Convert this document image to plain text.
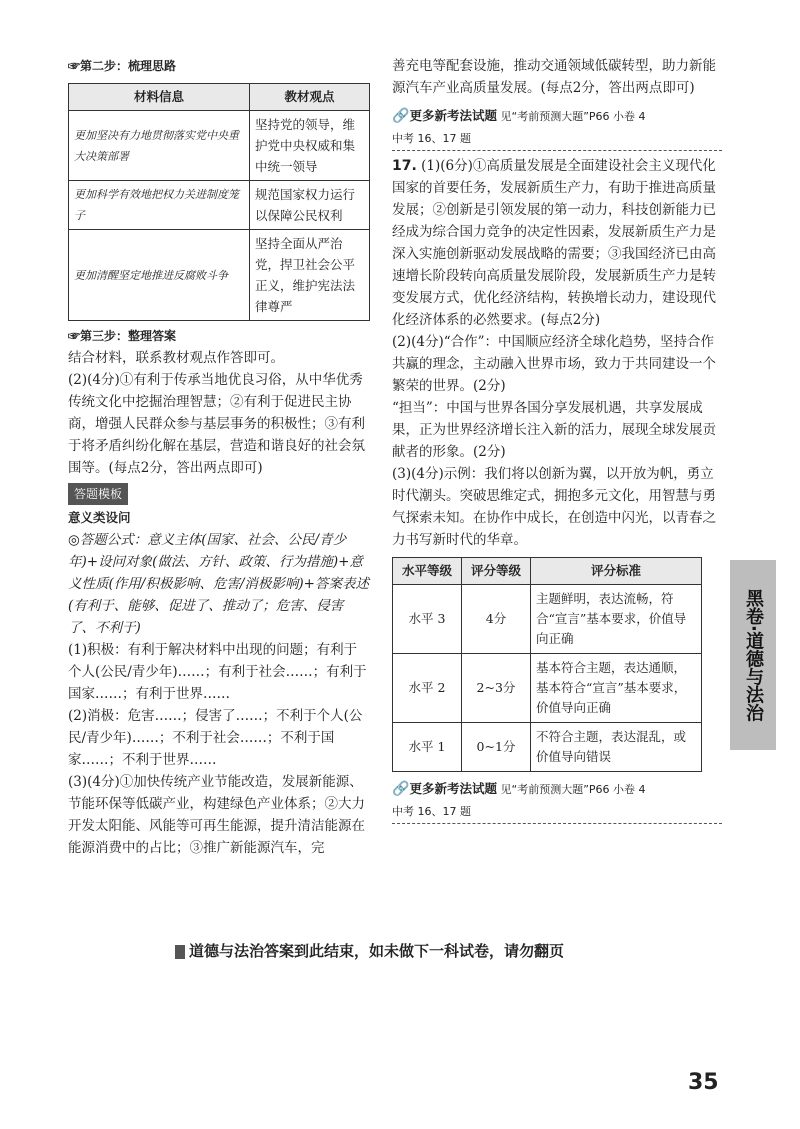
☞第二步：梳理思路

材料信息	教材观点
更加坚决有力地贯彻落实党中央重大决策部署	坚持党的领导，维护党中央权威和集中统一领导
更加科学有效地把权力关进制度笼子	规范国家权力运行以保障公民权利
更加清醒坚定地推进反腐败斗争	坚持全面从严治党，捍卫社会公平正义，维护宪法法律尊严

☞第三步：整理答案

结合材料，联系教材观点作答即可。

(2)(4分)①有利于传承当地优良习俗，从中华优秀传统文化中挖掘治理智慧；②有利于促进民主协商，增强人民群众参与基层事务的积极性；③有利于将矛盾纠纷化解在基层，营造和谐良好的社会氛围等。(每点2分，答出两点即可)

答题模板

意义类设问

◎答题公式：意义主体(国家、社会、公民/青少年)+设问对象(做法、方针、政策、行为措施)+意义性质(作用/积极影响、危害/消极影响)+答案表述(有利于、能够、促进了、推动了；危害、侵害了、不利于)

(1)积极：有利于解决材料中出现的问题；有利于个人(公民/青少年)……；有利于社会……；有利于国家……；有利于世界……

(2)消极：危害……；侵害了……；不利于个人(公民/青少年)……；不利于社会……；不利于国家……；不利于世界……

(3)(4分)①加快传统产业节能改造，发展新能源、节能环保等低碳产业，构建绿色产业体系；②大力开发太阳能、风能等可再生能源，提升清洁能源在能源消费中的占比；③推广新能源汽车，完

善充电等配套设施，推动交通领域低碳转型，助力新能源汽车产业高质量发展。(每点2分，答出两点即可)

🔗 更多新考法试题 见“考前预测大题”P66 小卷 4
中考 16、17 题

17. (1)(6分)①高质量发展是全面建设社会主义现代化国家的首要任务，发展新质生产力，有助于推进高质量发展；②创新是引领发展的第一动力，科技创新能力已经成为综合国力竞争的决定性因素，发展新质生产力是深入实施创新驱动发展战略的需要；③我国经济已由高速增长阶段转向高质量发展阶段，发展新质生产力是转变发展方式，优化经济结构，转换增长动力，建设现代化经济体系的必然要求。(每点2分)

(2)(4分)“合作”：中国顺应经济全球化趋势，坚持合作共赢的理念，主动融入世界市场，致力于共同建设一个繁荣的世界。(2分)

“担当”：中国与世界各国分享发展机遇，共享发展成果，正为世界经济增长注入新的活力，展现全球发展贡献者的形象。(2分)

(3)(4分)示例：我们将以创新为翼，以开放为帆，勇立时代潮头。突破思维定式，拥抱多元文化，用智慧与勇气探索未知。在协作中成长，在创造中闪光，以青春之力书写新时代的华章。

水平等级	评分等级	评分标准
水平 3	4分	主题鲜明，表达流畅，符合“宣言”基本要求，价值导向正确
水平 2	2~3分	基本符合主题，表达通顺，基本符合“宣言”基本要求，价值导向正确
水平 1	0~1分	不符合主题，表达混乱，或价值导向错误
🔗 更多新考法试题 见“考前预测大题”P66 小卷 4
中考 16、17 题
黑卷·道德与法治
道德与法治答案到此结束，如未做下一科试卷，请勿翻页
35
